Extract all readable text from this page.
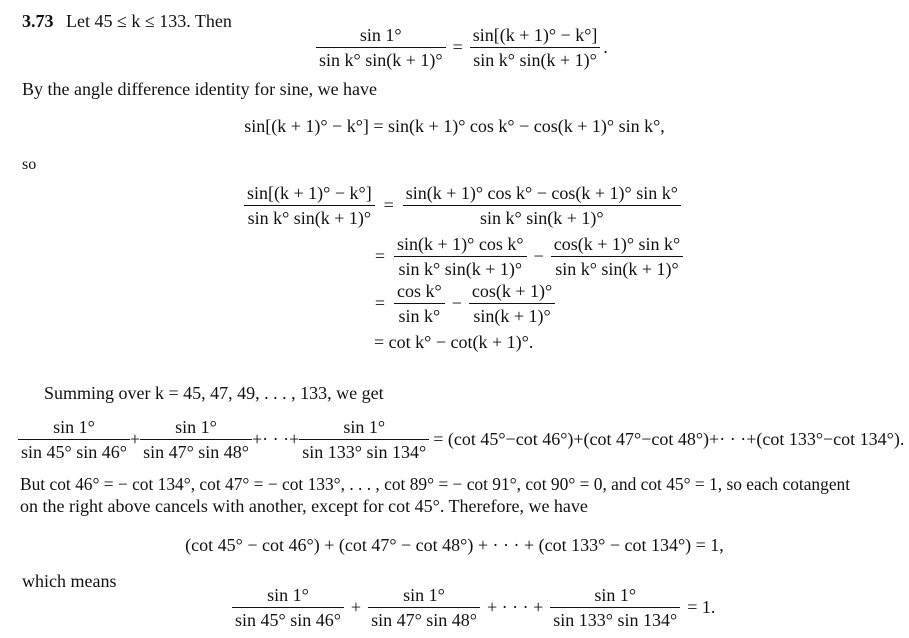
3.73 Let 45 ≤ k ≤ 133. Then
$\frac{\sin 1^\circ}{\text{sin k° sin(k + 1)°}} = \frac{\sin[(k + 1)^\circ - k^\circ]}{\text{sin k° sin(k + 1)°}}$ .
By the angle difference identity for sine, we have
sin[(k + 1)° − k°] = sin(k + 1)° cos k° − cos(k + 1)° sin k°,
so
$\frac{\sin[(k + 1)^\circ - k^\circ]}{\text{sin k° sin(k + 1)°}} = \frac{\text{sin(k + 1)° cos k° − cos(k + 1)° sin k°}}{\text{sin k° sin(k + 1)°}}$
= $\frac{\text{sin(k + 1)° cos k°}}{\text{sin k° sin(k + 1)°}} - \frac{\text{cos(k + 1)° sin k°}}{\text{sin k° sin(k + 1)°}}$
= $\frac{\text{cos k°}}{\text{sin k°}} - \frac{\cos(k + 1)^\circ}{\sin(k + 1)^\circ}$
= cot k° − cot(k + 1)°.
Summing over k = 45, 47, 49, . . . , 133, we get
$\frac{\sin 1^\circ}{\sin 45^\circ \sin 46^\circ} + \frac{\sin 1^\circ}{\sin 47^\circ \sin 48^\circ}$ +· · ·+ $\frac{\sin 1^\circ}{\sin 133^\circ \sin 134^\circ} = (\cot$ 45°−cot 46°)+(cot 47°−cot 48°)+· · ·+(cot 133°−cot 134°).
But cot 46° = − cot 134°, cot 47° = − cot 133°, . . . , cot 89° = − cot 91°, cot 90° = 0, and cot 45° = 1, so each cotangent
on the right above cancels with another, except for cot 45°. Therefore, we have
(cot 45° − cot 46°) + (cot 47° − cot 48°) + · · · + (cot 133° − cot 134°) = 1,
which means
$\frac{\sin 1^\circ}{\sin 45^\circ \sin 46^\circ} + \frac{\sin 1^\circ}{\sin 47^\circ \sin 48^\circ}$ + · · · + $\frac{\sin 1^\circ}{\sin 133^\circ \sin 134^\circ} = 1$.
